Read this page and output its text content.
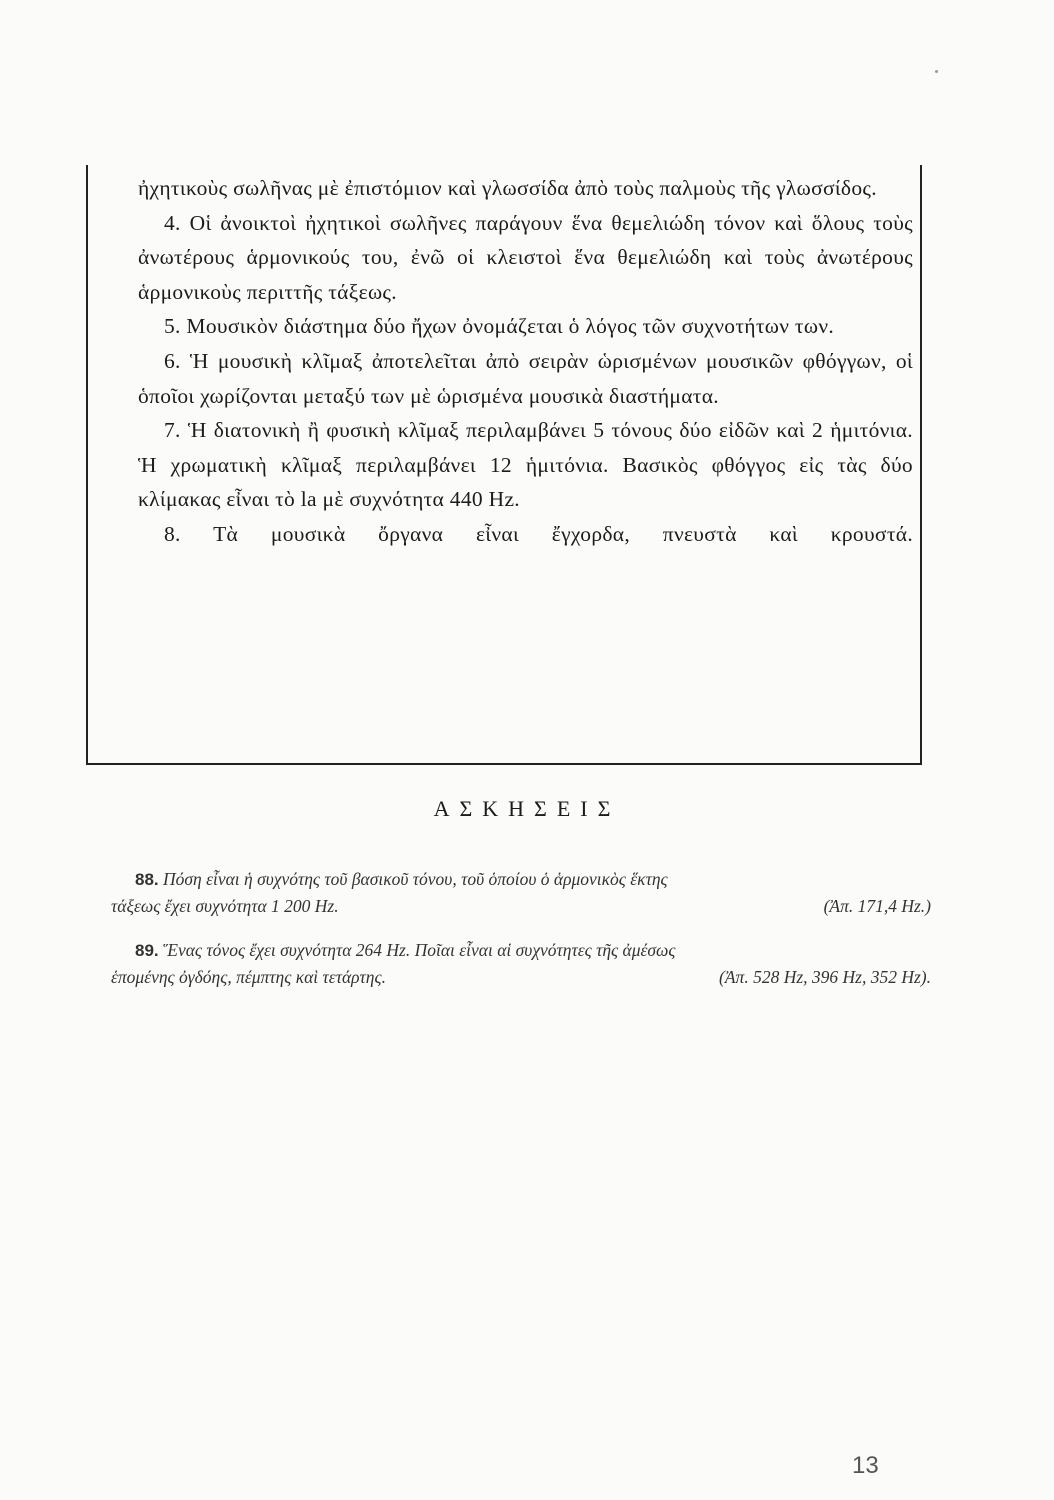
ἠχητικοὺς σωλῆνας μὲ ἐπιστόμιον καὶ γλωσσίδα ἀπὸ τοὺς παλμοὺς τῆς γλωσσίδος.

4. Οἱ ἀνοικτοὶ ἠχητικοὶ σωλῆνες παράγουν ἕνα θεμελιώδη τόνον καὶ ὅλους τοὺς ἀνωτέρους ἁρμονικούς του, ἐνῶ οἱ κλειστοὶ ἕνα θεμελιώδη καὶ τοὺς ἀνωτέρους ἁρμονικοὺς περιττῆς τάξεως.

5. Μουσικὸν διάστημα δύο ἤχων ὀνομάζεται ὁ λόγος τῶν συχνοτήτων των.

6. Ἡ μουσικὴ κλῖμαξ ἀποτελεῖται ἀπὸ σειρὰν ὡρισμένων μουσικῶν φθόγγων, οἱ ὁποῖοι χωρίζονται μεταξύ των μὲ ὡρισμένα μουσικὰ διαστήματα.

7. Ἡ διατονικὴ ἢ φυσικὴ κλῖμαξ περιλαμβάνει 5 τόνους δύο εἰδῶν καὶ 2 ἡμιτόνια. Ἡ χρωματικὴ κλῖμαξ περιλαμβάνει 12 ἡμιτόνια. Βασικὸς φθόγγος εἰς τὰς δύο κλίμακας εἶναι τὸ la μὲ συχνότητα 440 Hz.

8. Τὰ μουσικὰ ὄργανα εἶναι ἔγχορδα, πνευστὰ καὶ κρουστά.

ΑΣΚΗΣΕΙΣ
88. Πόση εἶναι ἡ συχνότης τοῦ βασικοῦ τόνου, τοῦ ὁποίου ὁ ἁρμονικὸς ἕκτης
τάξεως ἔχει συχνότητα 1 200 Hz.	(Ἀπ. 171,4 Hz.)
89. Ἕνας τόνος ἔχει συχνότητα 264 Hz. Ποῖαι εἶναι αἱ συχνότητες τῆς ἀμέσως
ἑπομένης ὀγδόης, πέμπτης καὶ τετάρτης.	(Ἀπ. 528 Hz, 396 Hz, 352 Hz).
13
